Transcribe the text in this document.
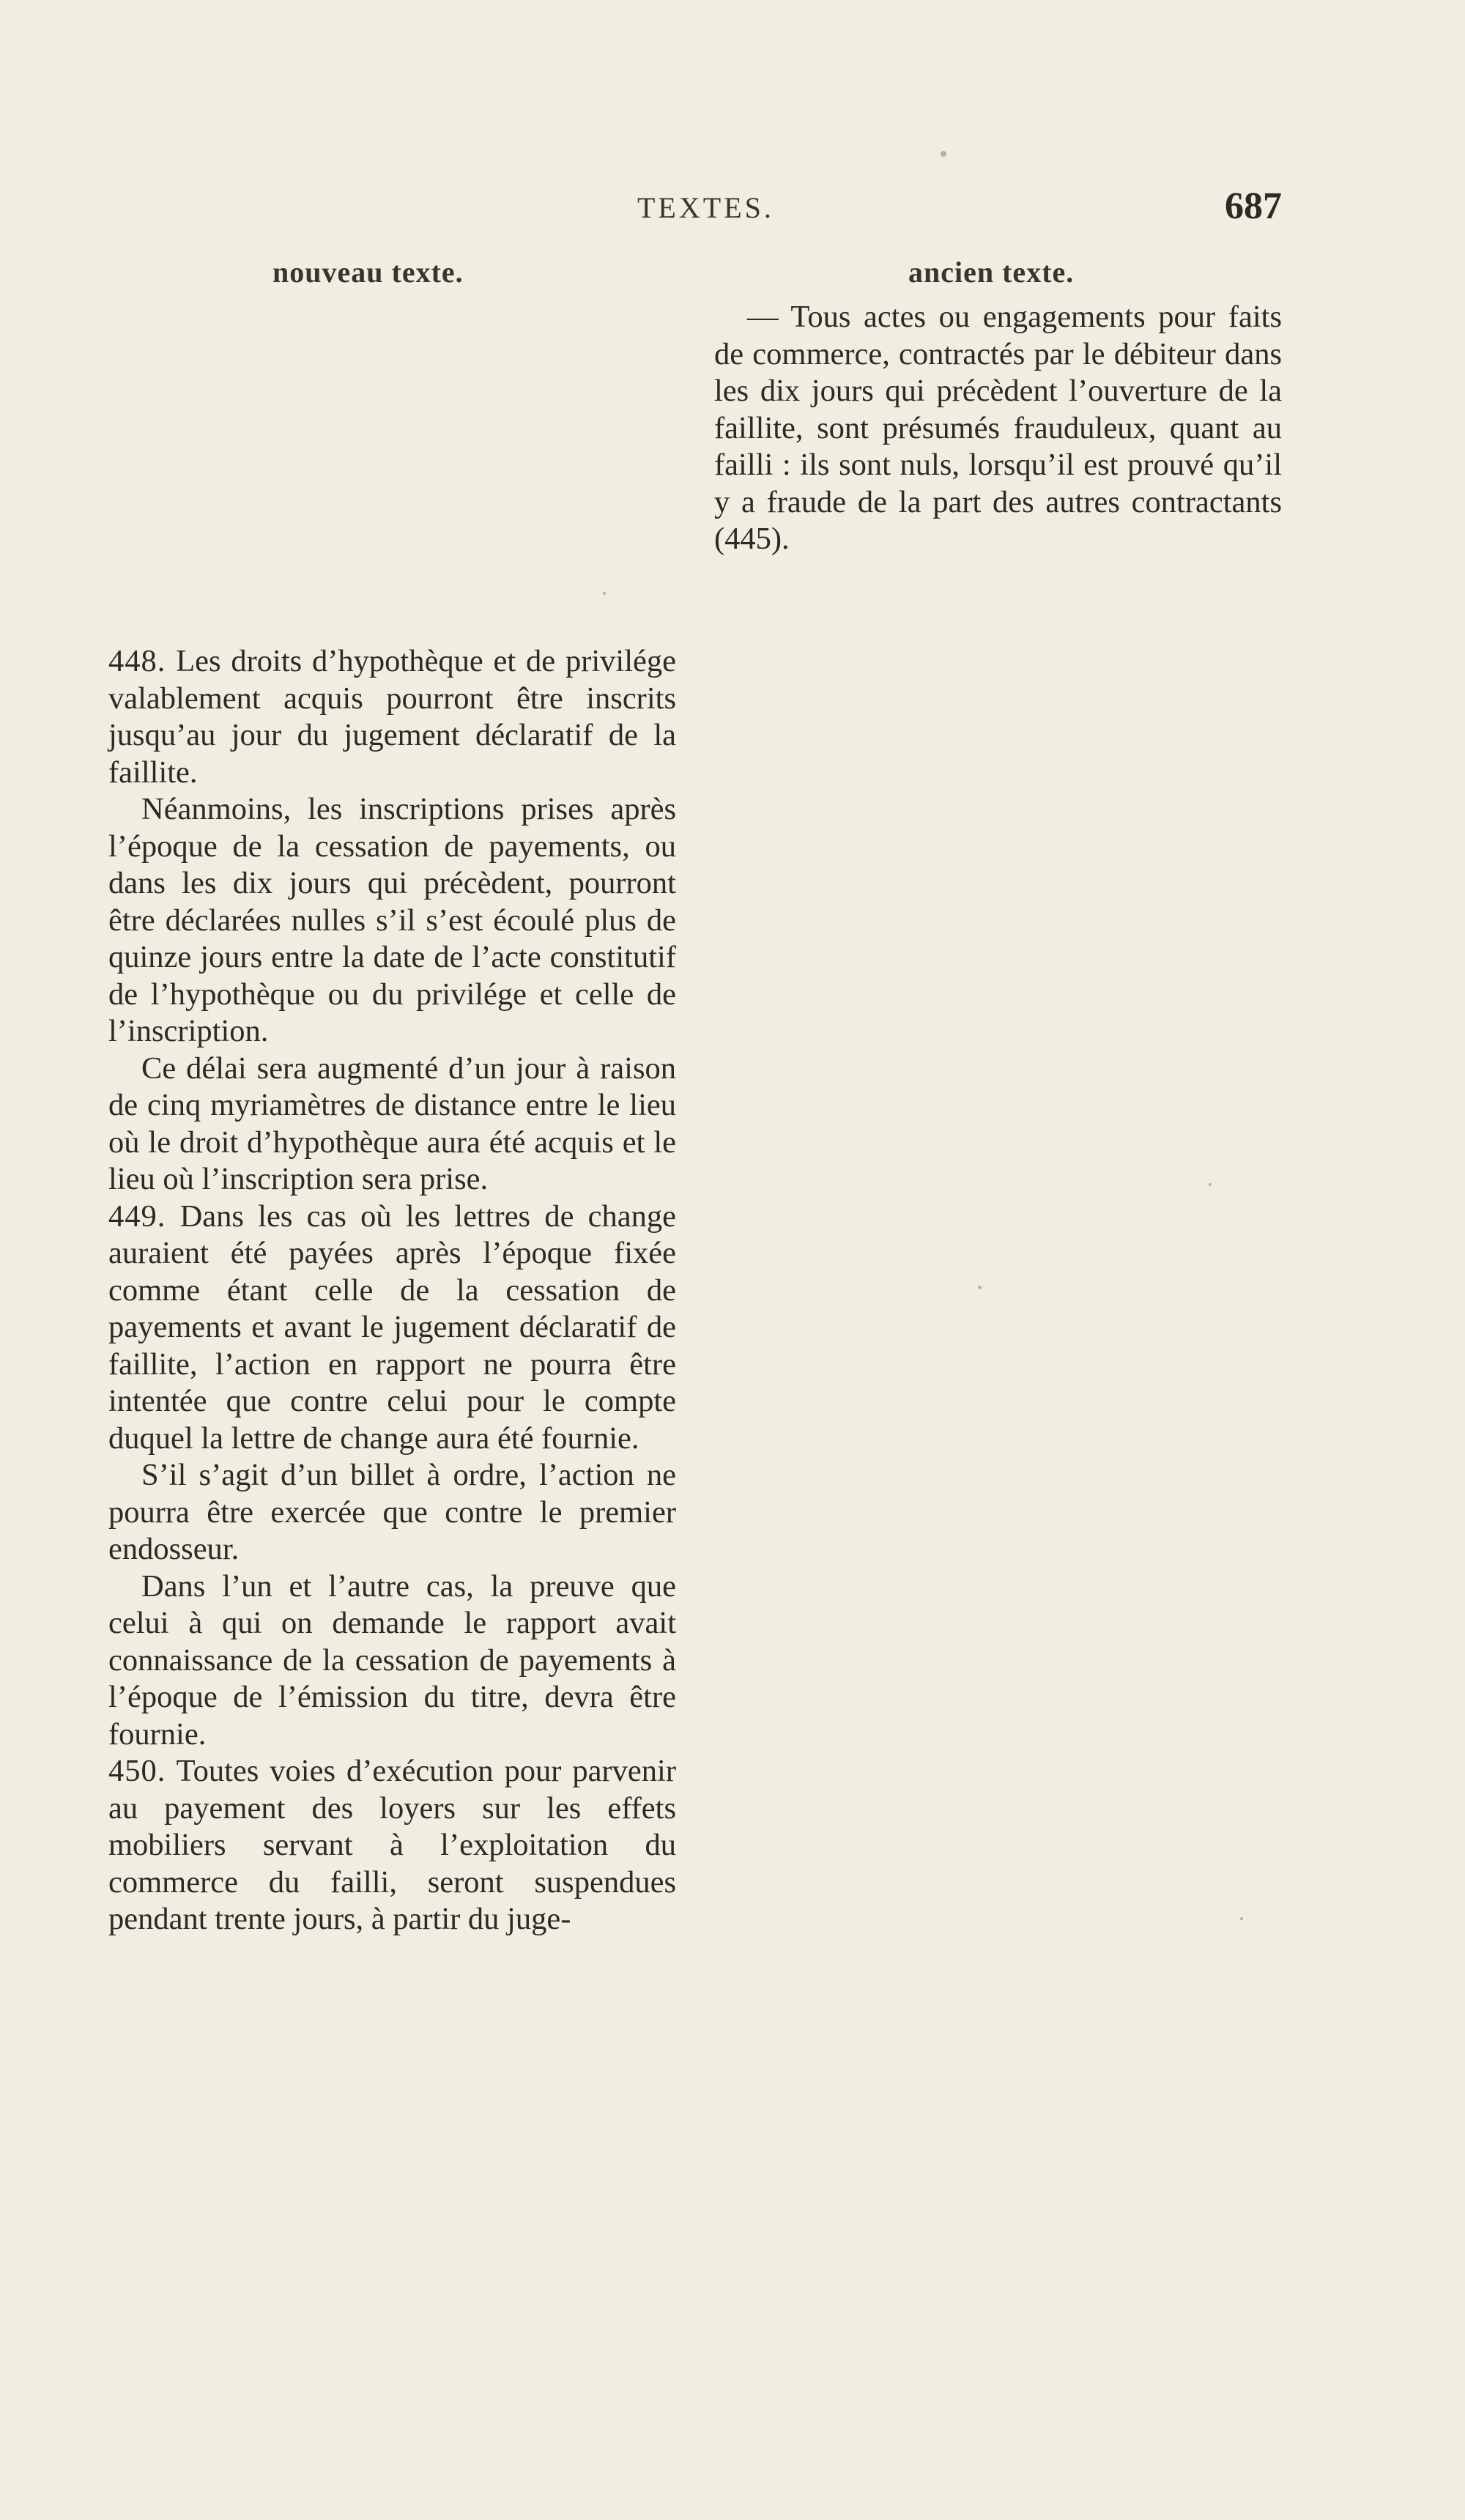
TEXTES.	687
nouveau texte.	ancien texte.

— Tous actes ou engagements pour faits de commerce, contractés par le débiteur dans les dix jours qui précèdent l’ouverture de la faillite, sont présumés frauduleux, quant au failli : ils sont nuls, lorsqu’il est prouvé qu’il y a fraude de la part des autres contractants (445).

448. Les droits d’hypothèque et de privilége valablement acquis pourront être inscrits jusqu’au jour du jugement déclaratif de la faillite.

Néanmoins, les inscriptions prises après l’époque de la cessation de payements, ou dans les dix jours qui précèdent, pourront être déclarées nulles s’il s’est écoulé plus de quinze jours entre la date de l’acte constitutif de l’hypothèque ou du privilége et celle de l’inscription.

Ce délai sera augmenté d’un jour à raison de cinq myriamètres de distance entre le lieu où le droit d’hypothèque aura été acquis et le lieu où l’inscription sera prise.

449. Dans les cas où les lettres de change auraient été payées après l’époque fixée comme étant celle de la cessation de payements et avant le jugement déclaratif de faillite, l’action en rapport ne pourra être intentée que contre celui pour le compte duquel la lettre de change aura été fournie.

S’il s’agit d’un billet à ordre, l’action ne pourra être exercée que contre le premier endosseur.

Dans l’un et l’autre cas, la preuve que celui à qui on demande le rapport avait connaissance de la cessation de payements à l’époque de l’émission du titre, devra être fournie.

450. Toutes voies d’exécution pour parvenir au payement des loyers sur les effets mobiliers servant à l’exploitation du commerce du failli, seront suspendues pendant trente jours, à partir du juge-
